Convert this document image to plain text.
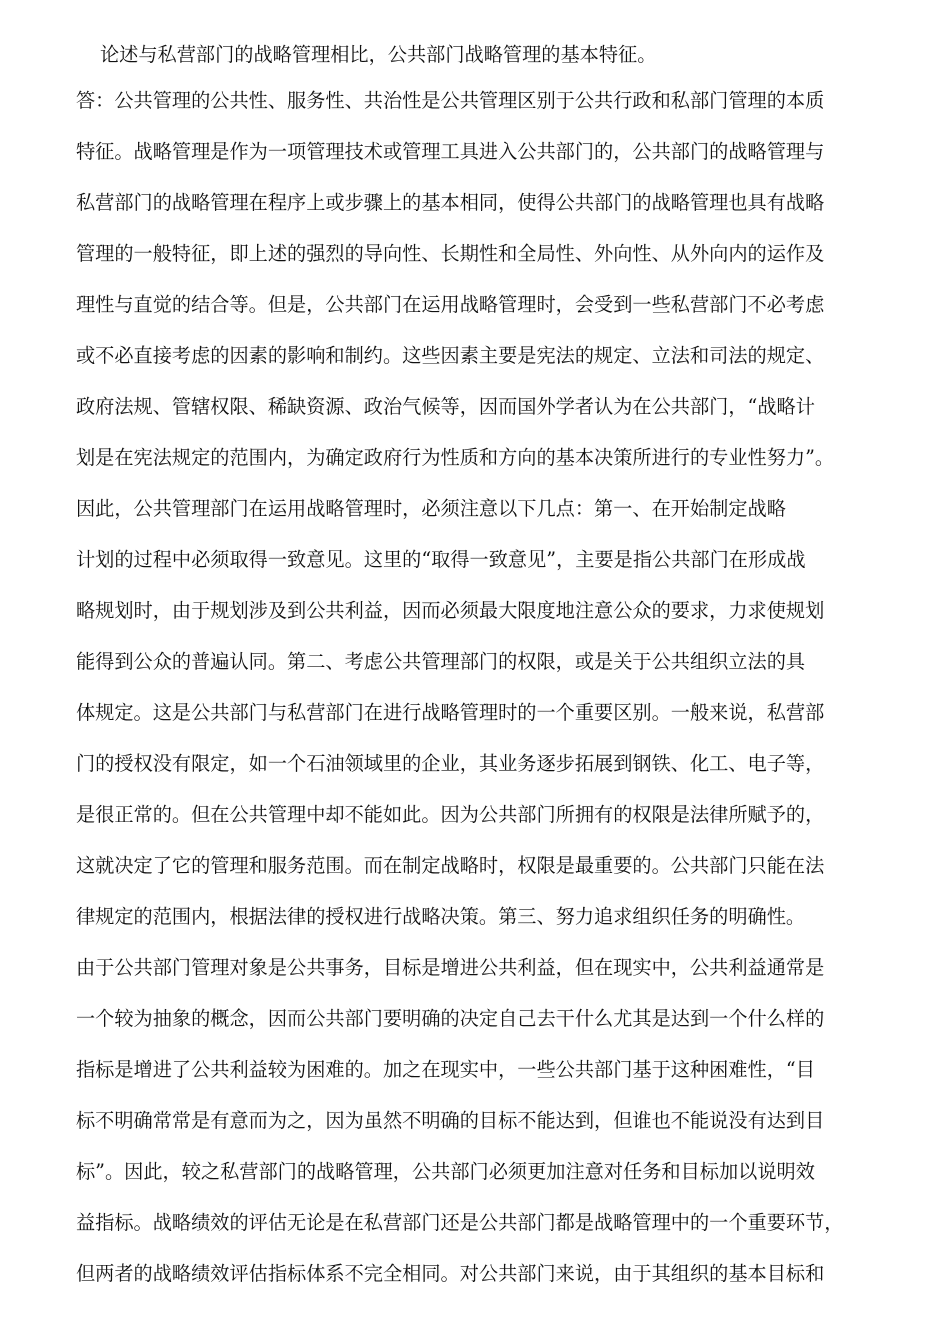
论述与私营部门的战略管理相比，公共部门战略管理的基本特征。
答：公共管理的公共性、服务性、共治性是公共管理区别于公共行政和私部门管理的本质
特征。战略管理是作为一项管理技术或管理工具进入公共部门的，公共部门的战略管理与
私营部门的战略管理在程序上或步骤上的基本相同，使得公共部门的战略管理也具有战略
管理的一般特征，即上述的强烈的导向性、长期性和全局性、外向性、从外向内的运作及
理性与直觉的结合等。但是，公共部门在运用战略管理时，会受到一些私营部门不必考虑
或不必直接考虑的因素的影响和制约。这些因素主要是宪法的规定、立法和司法的规定、
政府法规、管辖权限、稀缺资源、政治气候等，因而国外学者认为在公共部门，“战略计
划是在宪法规定的范围内，为确定政府行为性质和方向的基本决策所进行的专业性努力”。
因此，公共管理部门在运用战略管理时，必须注意以下几点：第一、在开始制定战略
计划的过程中必须取得一致意见。这里的“取得一致意见”，主要是指公共部门在形成战
略规划时，由于规划涉及到公共利益，因而必须最大限度地注意公众的要求，力求使规划
能得到公众的普遍认同。第二、考虑公共管理部门的权限，或是关于公共组织立法的具
体规定。这是公共部门与私营部门在进行战略管理时的一个重要区别。一般来说，私营部
门的授权没有限定，如一个石油领域里的企业，其业务逐步拓展到钢铁、化工、电子等，
是很正常的。但在公共管理中却不能如此。因为公共部门所拥有的权限是法律所赋予的，
这就决定了它的管理和服务范围。而在制定战略时，权限是最重要的。公共部门只能在法
律规定的范围内，根据法律的授权进行战略决策。第三、努力追求组织任务的明确性。
由于公共部门管理对象是公共事务，目标是增进公共利益，但在现实中，公共利益通常是
一个较为抽象的概念，因而公共部门要明确的决定自己去干什么尤其是达到一个什么样的
指标是增进了公共利益较为困难的。加之在现实中，一些公共部门基于这种困难性，“目
标不明确常常是有意而为之，因为虽然不明确的目标不能达到，但谁也不能说没有达到目
标”。因此，较之私营部门的战略管理，公共部门必须更加注意对任务和目标加以说明效
益指标。战略绩效的评估无论是在私营部门还是公共部门都是战略管理中的一个重要环节，
但两者的战略绩效评估指标体系不完全相同。对公共部门来说，由于其组织的基本目标和
